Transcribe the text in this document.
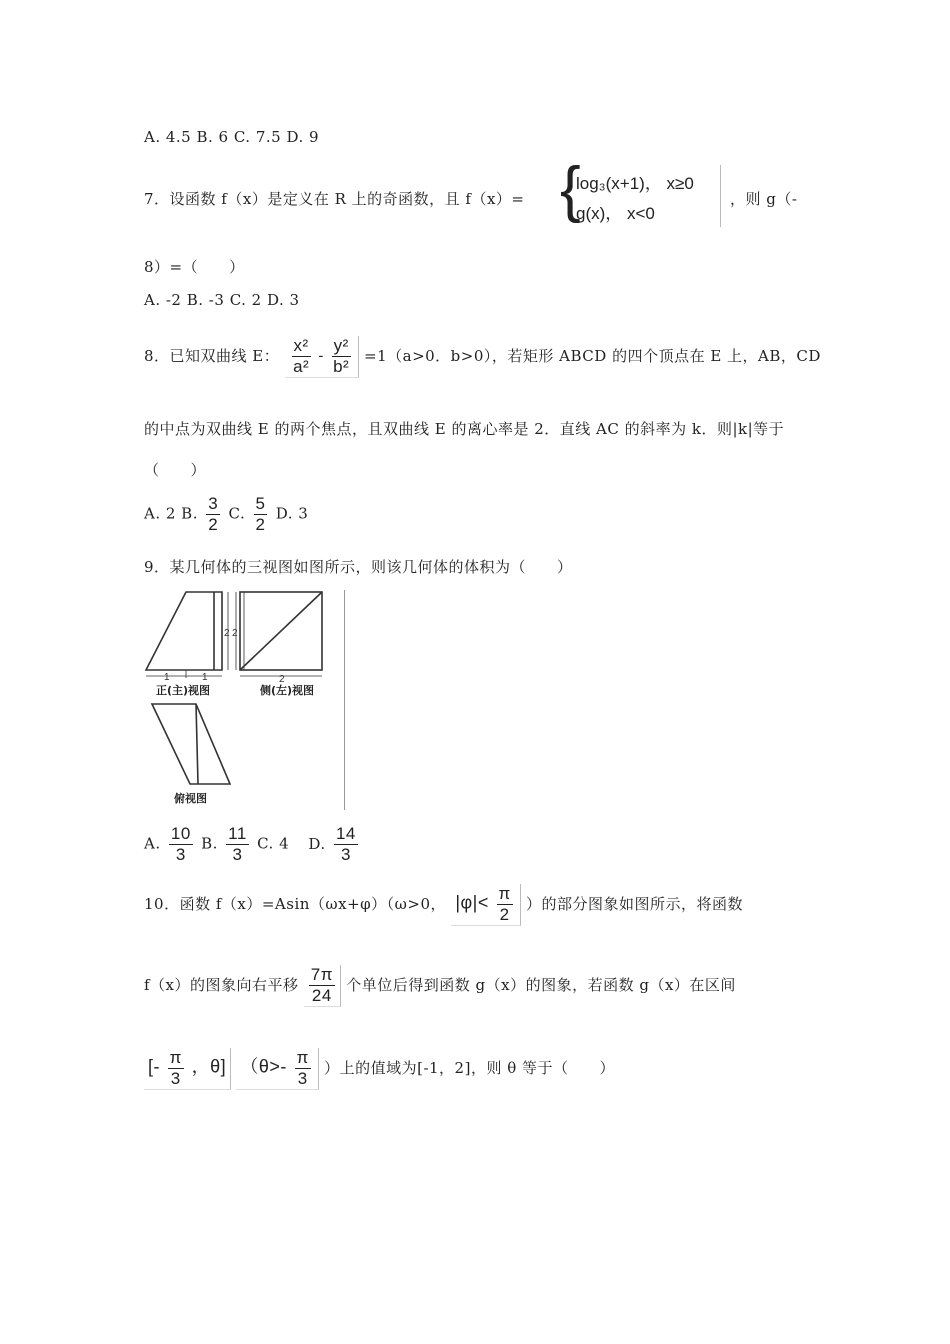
A. 4.5 B. 6 C. 7.5 D. 9
7．设函数 f（x）是定义在 R 上的奇函数，且 f（x）= {
log₃(x+1)， x≥0
g(x)， x<0
，则 g（-
8）=（　　）
A. -2 B. -3 C. 2 D. 3
8．已知双曲线 E： $\frac{\text{x²}}{\text{a²}} - \frac{\text{y²}}{\text{b²}} =1(a>0$．b>0），若矩形 ABCD 的四个顶点在 E 上，AB，CD
的中点为双曲线 E 的两个焦点，且双曲线 E 的离心率是 2．直线 AC 的斜率为 k．则|k|等于
（　　）
A. 2 B. $\frac{3}{2} C$. $\frac{5}{2} D$. 3
9．某几何体的三视图如图所示，则该几何体的体积为（　　）
1	1
2 2
2
正(主)视图	侧(左)视图
俯视图
A. $\frac{10}{3} B$. $\frac{11}{3} C$. 4 D. $\frac{14}{3}$
10．函数 f（x）=Asin（ωx+φ）（ω>0， $|\varphi|< \frac{\pi}{2}$ ）的部分图象如图所示，将函数
f（x）的图象向右平移 $\frac{7\pi}{24}$ 个单位后得到函数 g（x）的图象，若函数 g（x）在区间
[- $\frac{\pi}{3}$ ，θ] （$\theta>- \frac{\pi}{3}$ ）上的值域为[-1，2]，则 θ 等于（　　）
